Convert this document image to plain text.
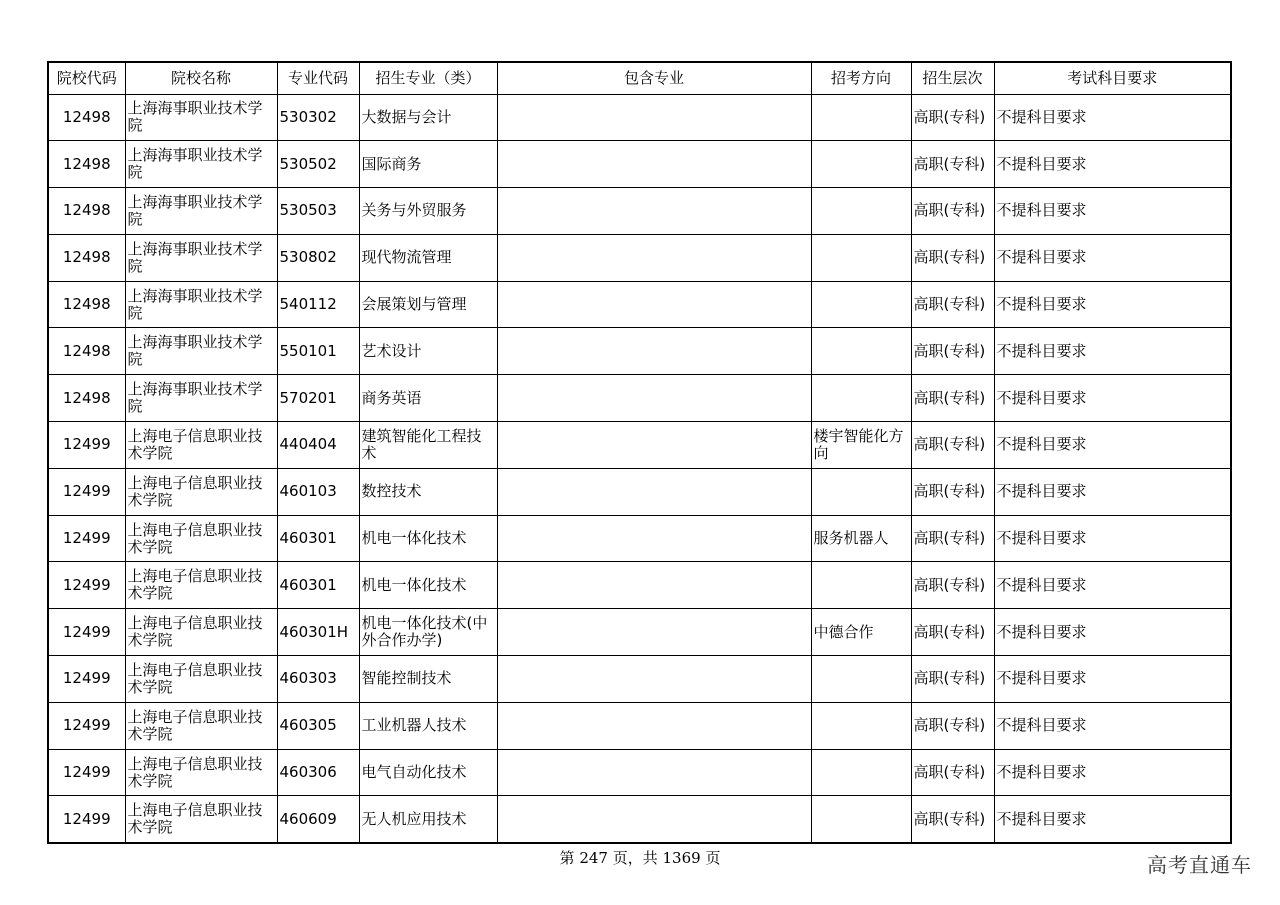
院校代码	院校名称	专业代码	招生专业（类）	包含专业	招考方向	招生层次	考试科目要求
12498	上海海事职业技术学院	530302	大数据与会计			高职(专科)	不提科目要求
12498	上海海事职业技术学院	530502	国际商务			高职(专科)	不提科目要求
12498	上海海事职业技术学院	530503	关务与外贸服务			高职(专科)	不提科目要求
12498	上海海事职业技术学院	530802	现代物流管理			高职(专科)	不提科目要求
12498	上海海事职业技术学院	540112	会展策划与管理			高职(专科)	不提科目要求
12498	上海海事职业技术学院	550101	艺术设计			高职(专科)	不提科目要求
12498	上海海事职业技术学院	570201	商务英语			高职(专科)	不提科目要求
12499	上海电子信息职业技术学院	440404	建筑智能化工程技术		楼宇智能化方向	高职(专科)	不提科目要求
12499	上海电子信息职业技术学院	460103	数控技术			高职(专科)	不提科目要求
12499	上海电子信息职业技术学院	460301	机电一体化技术		服务机器人	高职(专科)	不提科目要求
12499	上海电子信息职业技术学院	460301	机电一体化技术			高职(专科)	不提科目要求
12499	上海电子信息职业技术学院	460301H	机电一体化技术(中外合作办学)		中德合作	高职(专科)	不提科目要求
12499	上海电子信息职业技术学院	460303	智能控制技术			高职(专科)	不提科目要求
12499	上海电子信息职业技术学院	460305	工业机器人技术			高职(专科)	不提科目要求
12499	上海电子信息职业技术学院	460306	电气自动化技术			高职(专科)	不提科目要求
12499	上海电子信息职业技术学院	460609	无人机应用技术			高职(专科)	不提科目要求
第 247 页，共 1369 页	高考直通车
